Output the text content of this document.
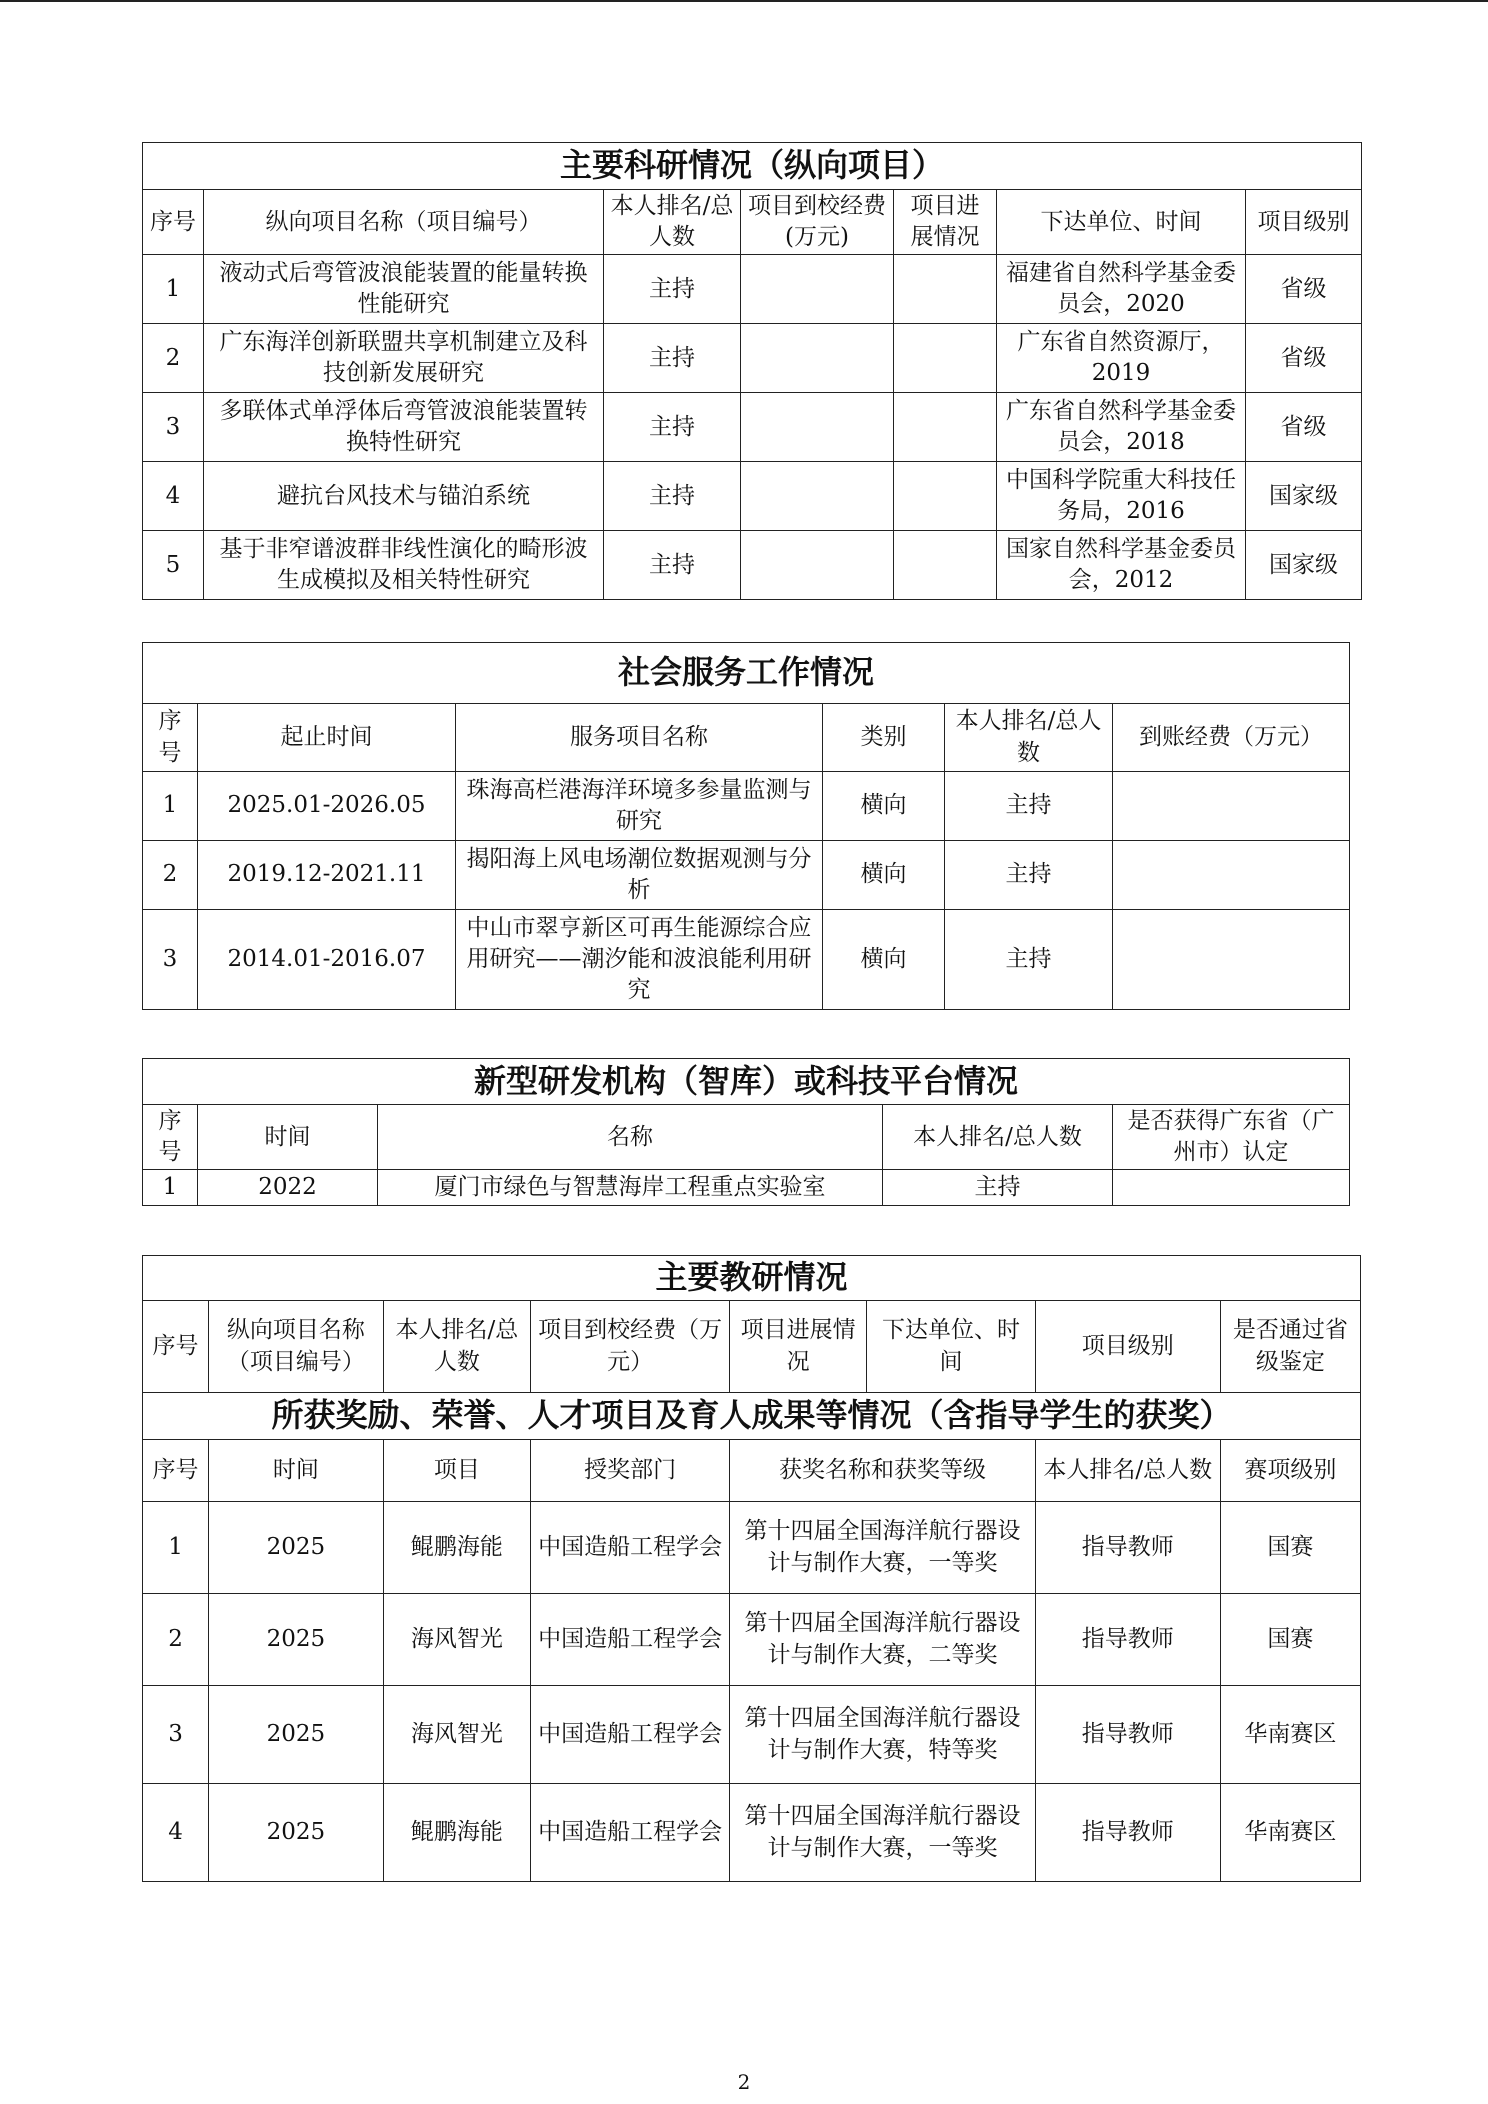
主要科研情况（纵向项目）						
序号	纵向项目名称（项目编号）	本人排名/总人数	项目到校经费(万元)	项目进展情况	下达单位、时间	项目级别
1	液动式后弯管波浪能装置的能量转换性能研究	主持			福建省自然科学基金委员会，2020	省级
2	广东海洋创新联盟共享机制建立及科技创新发展研究	主持			广东省自然资源厅，2019	省级
3	多联体式单浮体后弯管波浪能装置转换特性研究	主持			广东省自然科学基金委员会，2018	省级
4	避抗台风技术与锚泊系统	主持			中国科学院重大科技任务局，2016	国家级
5	基于非窄谱波群非线性演化的畸形波生成模拟及相关特性研究	主持			国家自然科学基金委员会，2012	国家级
社会服务工作情况					
序号	起止时间	服务项目名称	类别	本人排名/总人数	到账经费（万元）
1	2025.01-2026.05	珠海高栏港海洋环境多参量监测与研究	横向	主持	
2	2019.12-2021.11	揭阳海上风电场潮位数据观测与分析	横向	主持	
3	2014.01-2016.07	中山市翠亨新区可再生能源综合应用研究——潮汐能和波浪能利用研究	横向	主持	
新型研发机构（智库）或科技平台情况				
序号	时间	名称	本人排名/总人数	是否获得广东省（广州市）认定
1	2022	厦门市绿色与智慧海岸工程重点实验室	主持	
主要教研情况							
序号	纵向项目名称（项目编号）	本人排名/总人数	项目到校经费（万元）	项目进展情况	下达单位、时间	项目级别	是否通过省级鉴定
所获奖励、荣誉、人才项目及育人成果等情况（含指导学生的获奖）							
序号	时间	项目	授奖部门	获奖名称和获奖等级		本人排名/总人数	赛项级别
1	2025	鲲鹏海能	中国造船工程学会	第十四届全国海洋航行器设计与制作大赛，一等奖		指导教师	国赛
2	2025	海风智光	中国造船工程学会	第十四届全国海洋航行器设计与制作大赛，二等奖		指导教师	国赛
3	2025	海风智光	中国造船工程学会	第十四届全国海洋航行器设计与制作大赛，特等奖		指导教师	华南赛区
4	2025	鲲鹏海能	中国造船工程学会	第十四届全国海洋航行器设计与制作大赛，一等奖		指导教师	华南赛区
2
